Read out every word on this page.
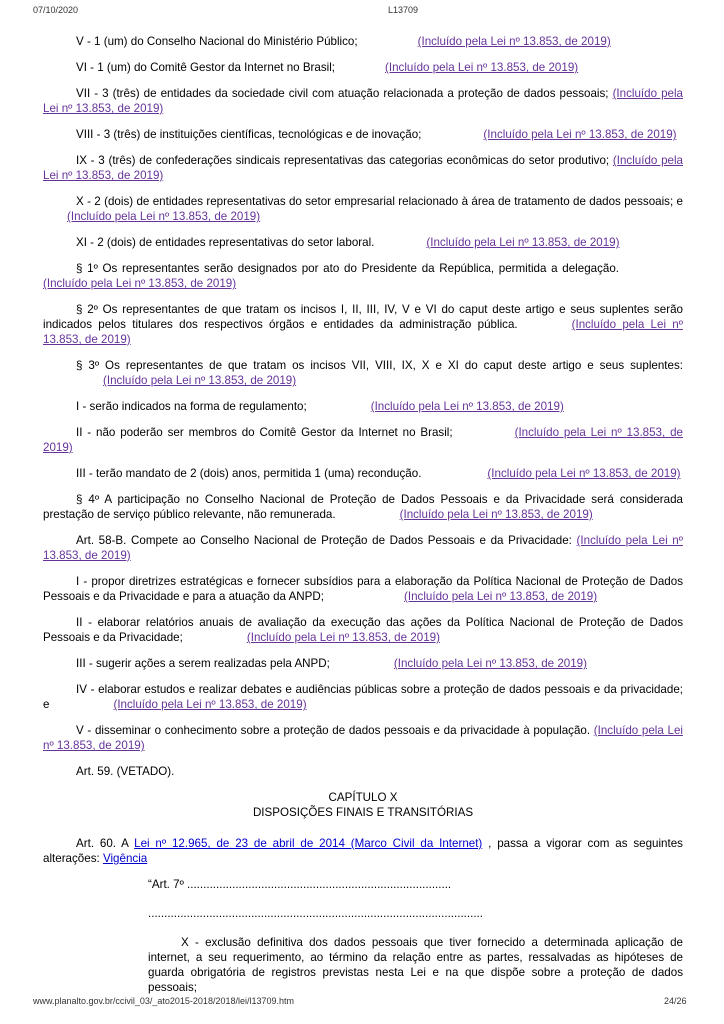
07/10/2020	L13709

V - 1 (um) do Conselho Nacional do Ministério Público;	(Incluído pela Lei nº 13.853, de 2019)

VI - 1 (um) do Comitê Gestor da Internet no Brasil;	(Incluído pela Lei nº 13.853, de 2019)

VII - 3 (três) de entidades da sociedade civil com atuação relacionada a proteção de dados pessoais; (Incluído pela Lei nº 13.853, de 2019)

VIII - 3 (três) de instituições científicas, tecnológicas e de inovação;	(Incluído pela Lei nº 13.853, de 2019)

IX - 3 (três) de confederações sindicais representativas das categorias econômicas do setor produtivo; (Incluído pela Lei nº 13.853, de 2019)

X - 2 (dois) de entidades representativas do setor empresarial relacionado à área de tratamento de dados pessoais; e(Incluído pela Lei nº 13.853, de 2019)

XI - 2 (dois) de entidades representativas do setor laboral.	(Incluído pela Lei nº 13.853, de 2019)

§ 1º Os representantes serão designados por ato do Presidente da República, permitida a delegação.(Incluído pela Lei nº 13.853, de 2019)

§ 2º Os representantes de que tratam os incisos I, II, III, IV, V e VI do caput deste artigo e seus suplentes serão indicados pelos titulares dos respectivos órgãos e entidades da administração pública.	(Incluído pela Lei nº 13.853, de 2019)

§ 3º Os representantes de que tratam os incisos VII, VIII, IX, X e XI do caput deste artigo e seus suplentes:(Incluído pela Lei nº 13.853, de 2019)

I - serão indicados na forma de regulamento;	(Incluído pela Lei nº 13.853, de 2019)

II - não poderão ser membros do Comitê Gestor da Internet no Brasil;	(Incluído pela Lei nº 13.853, de 2019)

III - terão mandato de 2 (dois) anos, permitida 1 (uma) recondução.	(Incluído pela Lei nº 13.853, de 2019)

§ 4º A participação no Conselho Nacional de Proteção de Dados Pessoais e da Privacidade será considerada prestação de serviço público relevante, não remunerada.	(Incluído pela Lei nº 13.853, de 2019)

Art. 58-B. Compete ao Conselho Nacional de Proteção de Dados Pessoais e da Privacidade: (Incluído pela Lei nº 13.853, de 2019)

I - propor diretrizes estratégicas e fornecer subsídios para a elaboração da Política Nacional de Proteção de Dados Pessoais e da Privacidade e para a atuação da ANPD;	(Incluído pela Lei nº 13.853, de 2019)

II - elaborar relatórios anuais de avaliação da execução das ações da Política Nacional de Proteção de Dados Pessoais e da Privacidade;	(Incluído pela Lei nº 13.853, de 2019)

III - sugerir ações a serem realizadas pela ANPD;	(Incluído pela Lei nº 13.853, de 2019)

IV - elaborar estudos e realizar debates e audiências públicas sobre a proteção de dados pessoais e da privacidade; e	(Incluído pela Lei nº 13.853, de 2019)

V - disseminar o conhecimento sobre a proteção de dados pessoais e da privacidade à população. (Incluído pela Lei nº 13.853, de 2019)

Art. 59. (VETADO).

CAPÍTULO X
DISPOSIÇÕES FINAIS E TRANSITÓRIAS

Art. 60. A Lei nº 12.965, de 23 de abril de 2014 (Marco Civil da Internet) , passa a vigorar com as seguintes alterações: Vigência

“Art. 7º ..................................................................................

........................................................................................................

X - exclusão definitiva dos dados pessoais que tiver fornecido a determinada aplicação de internet, a seu requerimento, ao término da relação entre as partes, ressalvadas as hipóteses de guarda obrigatória de registros previstas nesta Lei e na que dispõe sobre a proteção de dados pessoais;

www.planalto.gov.br/ccivil_03/_ato2015-2018/2018/lei/l13709.htm	24/26
